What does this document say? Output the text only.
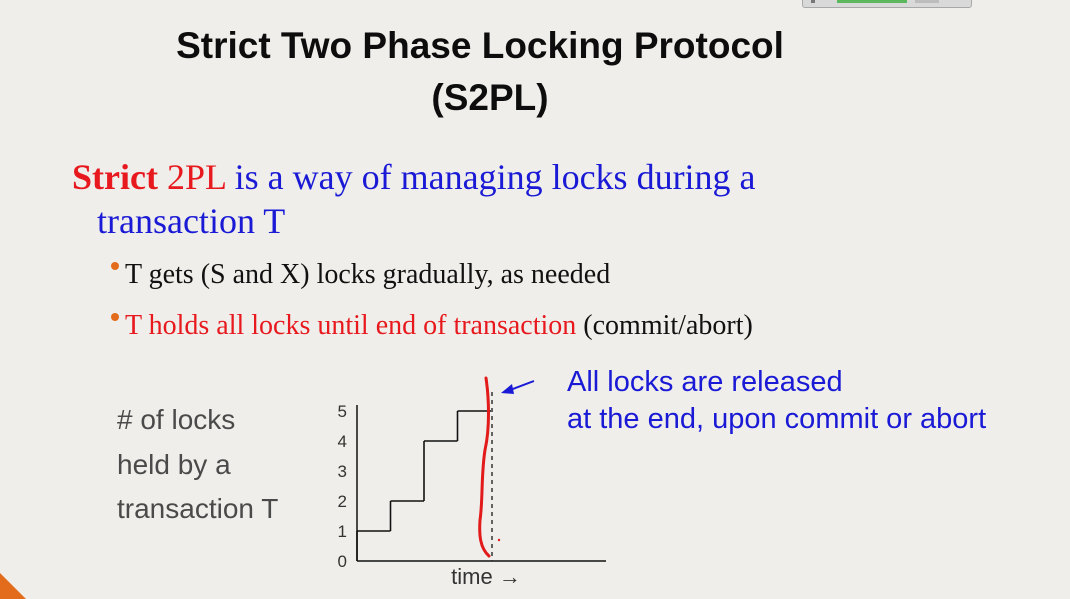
Strict Two Phase Locking Protocol
(S2PL)
Strict 2PL is a way of managing locks during a
transaction T
T gets (S and X) locks gradually, as needed
T holds all locks until end of transaction (commit/abort)
# of locks
held by a
transaction T
All locks are released
at the end, upon commit or abort
0
1
2
3
4
5
time →
